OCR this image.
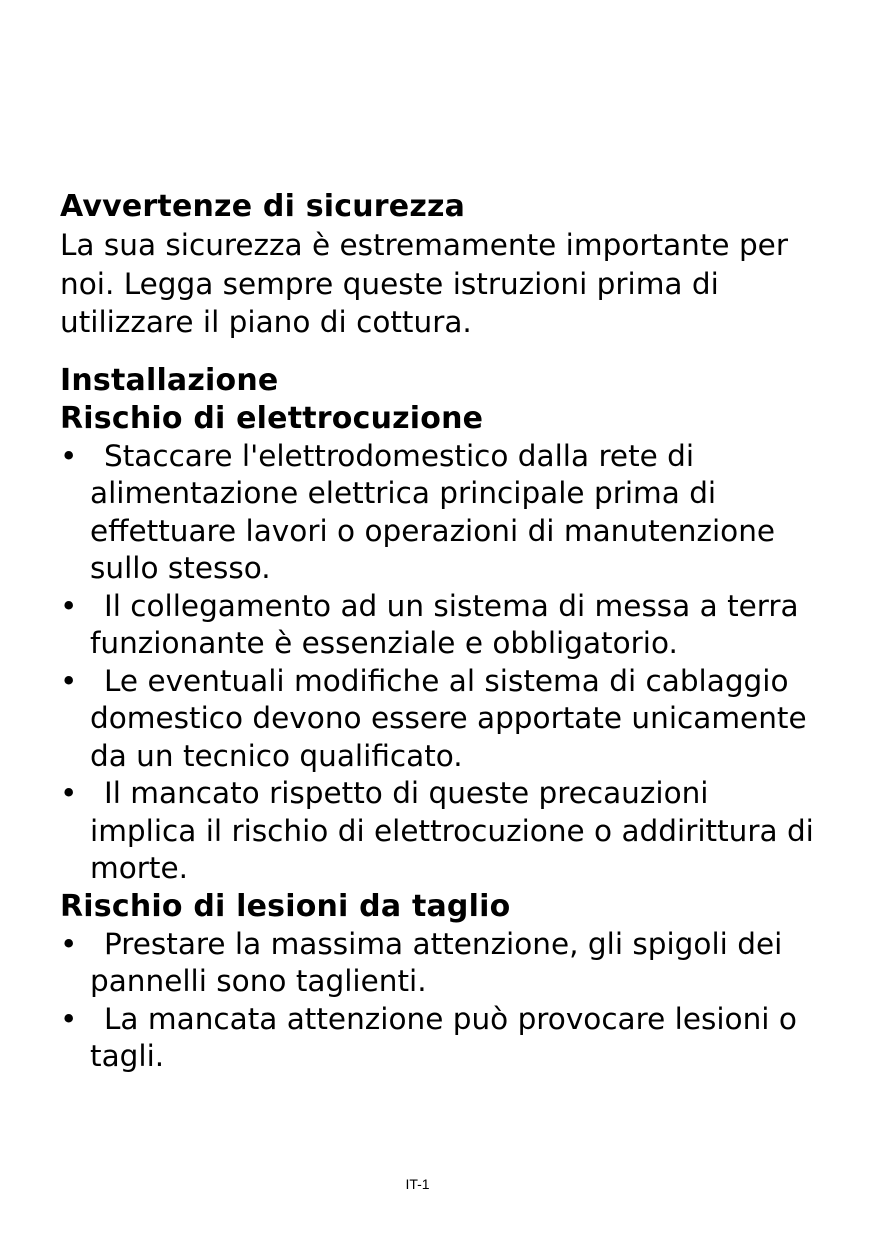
Avvertenze di sicurezza

La sua sicurezza è estremamente importante per noi. Legga sempre queste istruzioni prima di utilizzare il piano di cottura.

Installazione
Rischio di elettrocuzione
• Staccare l'elettrodomestico dalla rete di alimentazione elettrica principale prima di effettuare lavori o operazioni di manutenzione sullo stesso.
• Il collegamento ad un sistema di messa a terra funzionante è essenziale e obbligatorio.
• Le eventuali modifiche al sistema di cablaggio domestico devono essere apportate unicamente da un tecnico qualificato.
• Il mancato rispetto di queste precauzioni implica il rischio di elettrocuzione o addirittura di morte.
Rischio di lesioni da taglio
• Prestare la massima attenzione, gli spigoli dei pannelli sono taglienti.
• La mancata attenzione può provocare lesioni o tagli.
IT-1
